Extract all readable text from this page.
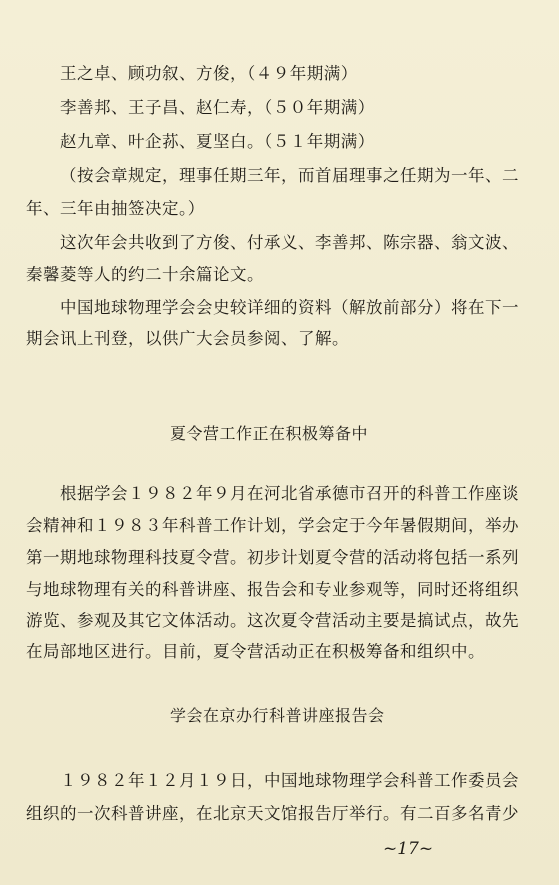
王之卓、顾功叙、方俊，（４９年期满）
李善邦、王子昌、赵仁寿，（５０年期满）
赵九章、叶企荪、夏坚白。（５１年期满）
（按会章规定，理事任期三年，而首届理事之任期为一年、二
年、三年由抽签决定。）
这次年会共收到了方俊、付承义、李善邦、陈宗器、翁文波、
秦馨菱等人的约二十余篇论文。
中国地球物理学会会史较详细的资料（解放前部分）将在下一
期会讯上刊登，以供广大会员参阅、了解。
夏令营工作正在积极筹备中
根据学会１９８２年９月在河北省承德市召开的科普工作座谈
会精神和１９８３年科普工作计划，学会定于今年暑假期间，举办
第一期地球物理科技夏令营。初步计划夏令营的活动将包括一系列
与地球物理有关的科普讲座、报告会和专业参观等，同时还将组织
游览、参观及其它文体活动。这次夏令营活动主要是搞试点，故先
在局部地区进行。目前，夏令营活动正在积极筹备和组织中。
学会在京办行科普讲座报告会
１９８２年１２月１９日，中国地球物理学会科普工作委员会
组织的一次科普讲座，在北京天文馆报告厅举行。有二百多名青少
~17~
